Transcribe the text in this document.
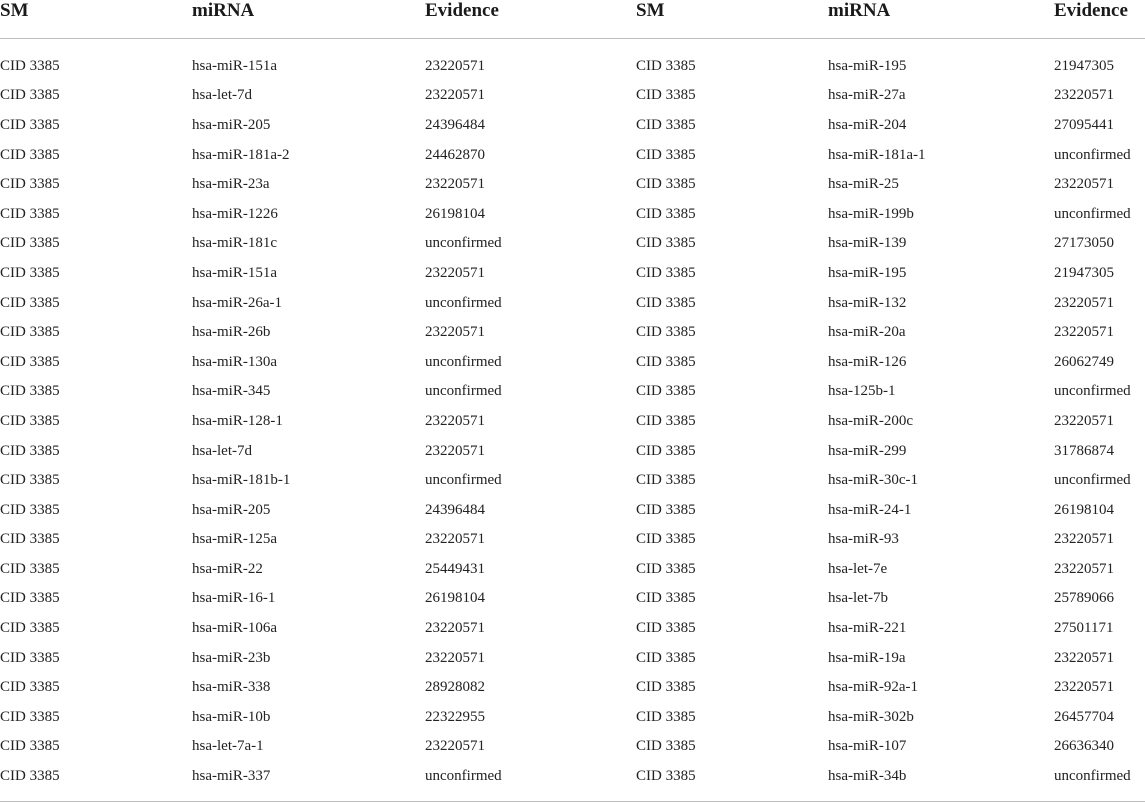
SM	miRNA	Evidence	SM	miRNA	Evidence

CID 3385	hsa-miR-151a	23220571	CID 3385	hsa-miR-195	21947305
CID 3385	hsa-let-7d	23220571	CID 3385	hsa-miR-27a	23220571
CID 3385	hsa-miR-205	24396484	CID 3385	hsa-miR-204	27095441
CID 3385	hsa-miR-181a-2	24462870	CID 3385	hsa-miR-181a-1	unconfirmed
CID 3385	hsa-miR-23a	23220571	CID 3385	hsa-miR-25	23220571
CID 3385	hsa-miR-1226	26198104	CID 3385	hsa-miR-199b	unconfirmed
CID 3385	hsa-miR-181c	unconfirmed	CID 3385	hsa-miR-139	27173050
CID 3385	hsa-miR-151a	23220571	CID 3385	hsa-miR-195	21947305
CID 3385	hsa-miR-26a-1	unconfirmed	CID 3385	hsa-miR-132	23220571
CID 3385	hsa-miR-26b	23220571	CID 3385	hsa-miR-20a	23220571
CID 3385	hsa-miR-130a	unconfirmed	CID 3385	hsa-miR-126	26062749
CID 3385	hsa-miR-345	unconfirmed	CID 3385	hsa-125b-1	unconfirmed
CID 3385	hsa-miR-128-1	23220571	CID 3385	hsa-miR-200c	23220571
CID 3385	hsa-let-7d	23220571	CID 3385	hsa-miR-299	31786874
CID 3385	hsa-miR-181b-1	unconfirmed	CID 3385	hsa-miR-30c-1	unconfirmed
CID 3385	hsa-miR-205	24396484	CID 3385	hsa-miR-24-1	26198104
CID 3385	hsa-miR-125a	23220571	CID 3385	hsa-miR-93	23220571
CID 3385	hsa-miR-22	25449431	CID 3385	hsa-let-7e	23220571
CID 3385	hsa-miR-16-1	26198104	CID 3385	hsa-let-7b	25789066
CID 3385	hsa-miR-106a	23220571	CID 3385	hsa-miR-221	27501171
CID 3385	hsa-miR-23b	23220571	CID 3385	hsa-miR-19a	23220571
CID 3385	hsa-miR-338	28928082	CID 3385	hsa-miR-92a-1	23220571
CID 3385	hsa-miR-10b	22322955	CID 3385	hsa-miR-302b	26457704
CID 3385	hsa-let-7a-1	23220571	CID 3385	hsa-miR-107	26636340
CID 3385	hsa-miR-337	unconfirmed	CID 3385	hsa-miR-34b	unconfirmed
